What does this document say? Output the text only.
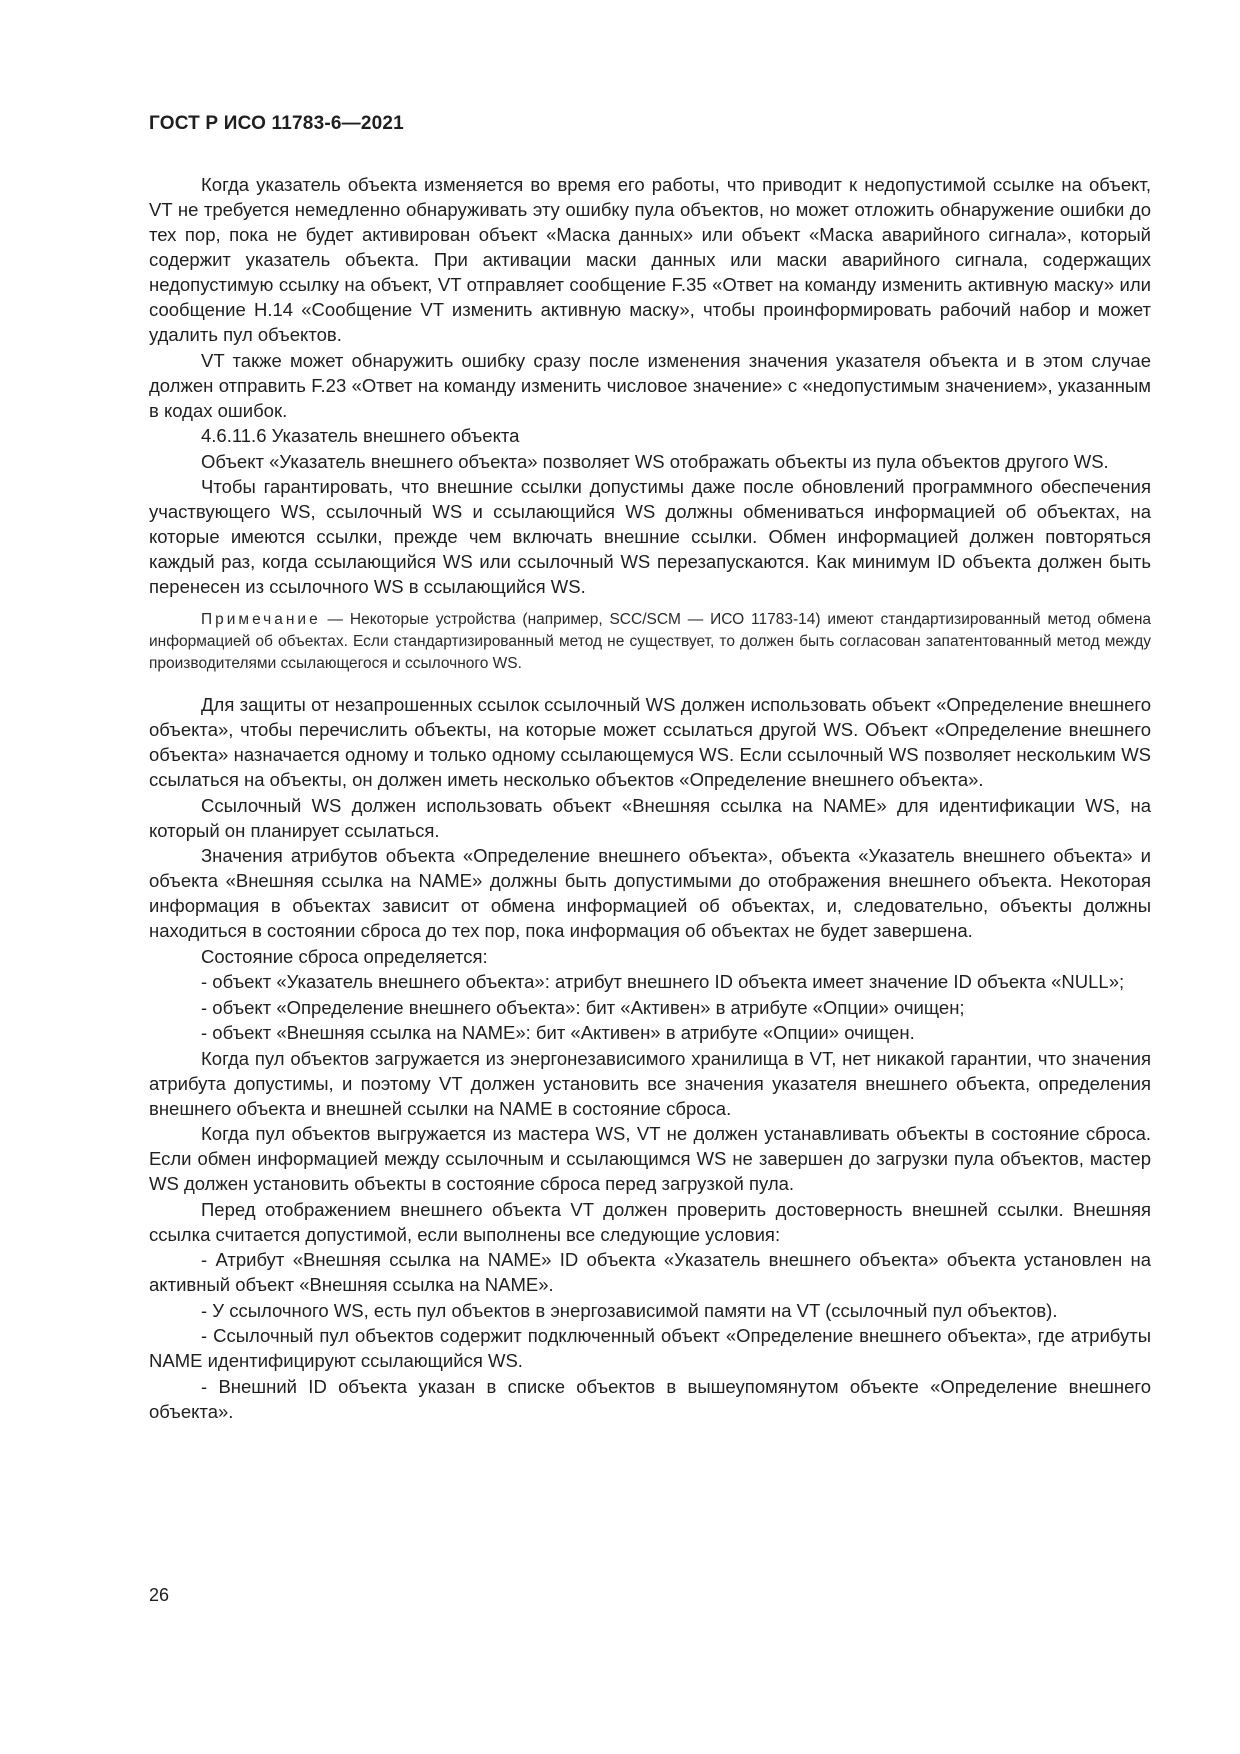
ГОСТ Р ИСО 11783-6—2021

Когда указатель объекта изменяется во время его работы, что приводит к недопустимой ссылке на объект, VT не требуется немедленно обнаруживать эту ошибку пула объектов, но может отложить обнаружение ошибки до тех пор, пока не будет активирован объект «Маска данных» или объект «Маска аварийного сигнала», который содержит указатель объекта. При активации маски данных или маски аварийного сигнала, содержащих недопустимую ссылку на объект, VT отправляет сообщение F.35 «Ответ на команду изменить активную маску» или сообщение H.14 «Сообщение VT изменить активную маску», чтобы проинформировать рабочий набор и может удалить пул объектов.

VT также может обнаружить ошибку сразу после изменения значения указателя объекта и в этом случае должен отправить F.23 «Ответ на команду изменить числовое значение» с «недопустимым значением», указанным в кодах ошибок.

4.6.11.6 Указатель внешнего объекта

Объект «Указатель внешнего объекта» позволяет WS отображать объекты из пула объектов другого WS.

Чтобы гарантировать, что внешние ссылки допустимы даже после обновлений программного обеспечения участвующего WS, ссылочный WS и ссылающийся WS должны обмениваться информацией об объектах, на которые имеются ссылки, прежде чем включать внешние ссылки. Обмен информацией должен повторяться каждый раз, когда ссылающийся WS или ссылочный WS перезапускаются. Как минимум ID объекта должен быть перенесен из ссылочного WS в ссылающийся WS.

Примечание — Некоторые устройства (например, SCC/SCM — ИСО 11783-14) имеют стандартизированный метод обмена информацией об объектах. Если стандартизированный метод не существует, то должен быть согласован запатентованный метод между производителями ссылающегося и ссылочного WS.

Для защиты от незапрошенных ссылок ссылочный WS должен использовать объект «Определение внешнего объекта», чтобы перечислить объекты, на которые может ссылаться другой WS. Объект «Определение внешнего объекта» назначается одному и только одному ссылающемуся WS. Если ссылочный WS позволяет нескольким WS ссылаться на объекты, он должен иметь несколько объектов «Определение внешнего объекта».

Ссылочный WS должен использовать объект «Внешняя ссылка на NAME» для идентификации WS, на который он планирует ссылаться.

Значения атрибутов объекта «Определение внешнего объекта», объекта «Указатель внешнего объекта» и объекта «Внешняя ссылка на NAME» должны быть допустимыми до отображения внешнего объекта. Некоторая информация в объектах зависит от обмена информацией об объектах, и, следовательно, объекты должны находиться в состоянии сброса до тех пор, пока информация об объектах не будет завершена.

Состояние сброса определяется:

- объект «Указатель внешнего объекта»: атрибут внешнего ID объекта имеет значение ID объекта «NULL»;

- объект «Определение внешнего объекта»: бит «Активен» в атрибуте «Опции» очищен;

- объект «Внешняя ссылка на NAME»: бит «Активен» в атрибуте «Опции» очищен.

Когда пул объектов загружается из энергонезависимого хранилища в VT, нет никакой гарантии, что значения атрибута допустимы, и поэтому VT должен установить все значения указателя внешнего объекта, определения внешнего объекта и внешней ссылки на NAME в состояние сброса.

Когда пул объектов выгружается из мастера WS, VT не должен устанавливать объекты в состояние сброса. Если обмен информацией между ссылочным и ссылающимся WS не завершен до загрузки пула объектов, мастер WS должен установить объекты в состояние сброса перед загрузкой пула.

Перед отображением внешнего объекта VT должен проверить достоверность внешней ссылки. Внешняя ссылка считается допустимой, если выполнены все следующие условия:

- Атрибут «Внешняя ссылка на NAME» ID объекта «Указатель внешнего объекта» объекта установлен на активный объект «Внешняя ссылка на NAME».

- У ссылочного WS, есть пул объектов в энергозависимой памяти на VT (ссылочный пул объектов).

- Ссылочный пул объектов содержит подключенный объект «Определение внешнего объекта», где атрибуты NAME идентифицируют ссылающийся WS.

- Внешний ID объекта указан в списке объектов в вышеупомянутом объекте «Определение внешнего объекта».

26
